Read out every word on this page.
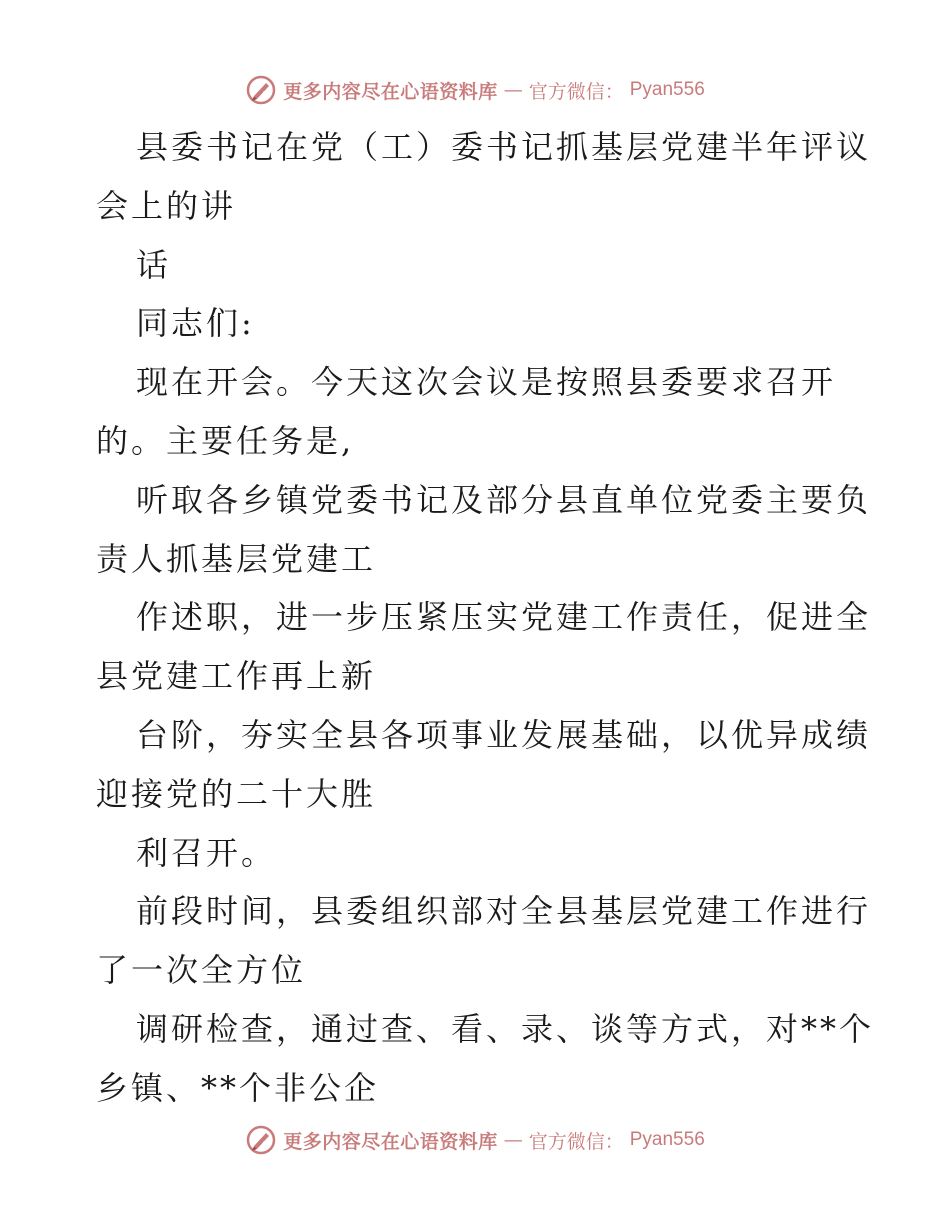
更多内容尽在心语资料库 — 官方微信： Pyan556
县委书记在党（工）委书记抓基层党建半年评议
会上的讲
话
同志们:
现在开会。今天这次会议是按照县委要求召开
的。主要任务是,
听取各乡镇党委书记及部分县直单位党委主要负
责人抓基层党建工
作述职，进一步压紧压实党建工作责任，促进全
县党建工作再上新
台阶，夯实全县各项事业发展基础，以优异成绩
迎接党的二十大胜
利召开。
前段时间，县委组织部对全县基层党建工作进行
了一次全方位
调研检查，通过查、看、录、谈等方式，对**个
乡镇、**个非公企
更多内容尽在心语资料库 — 官方微信： Pyan556
